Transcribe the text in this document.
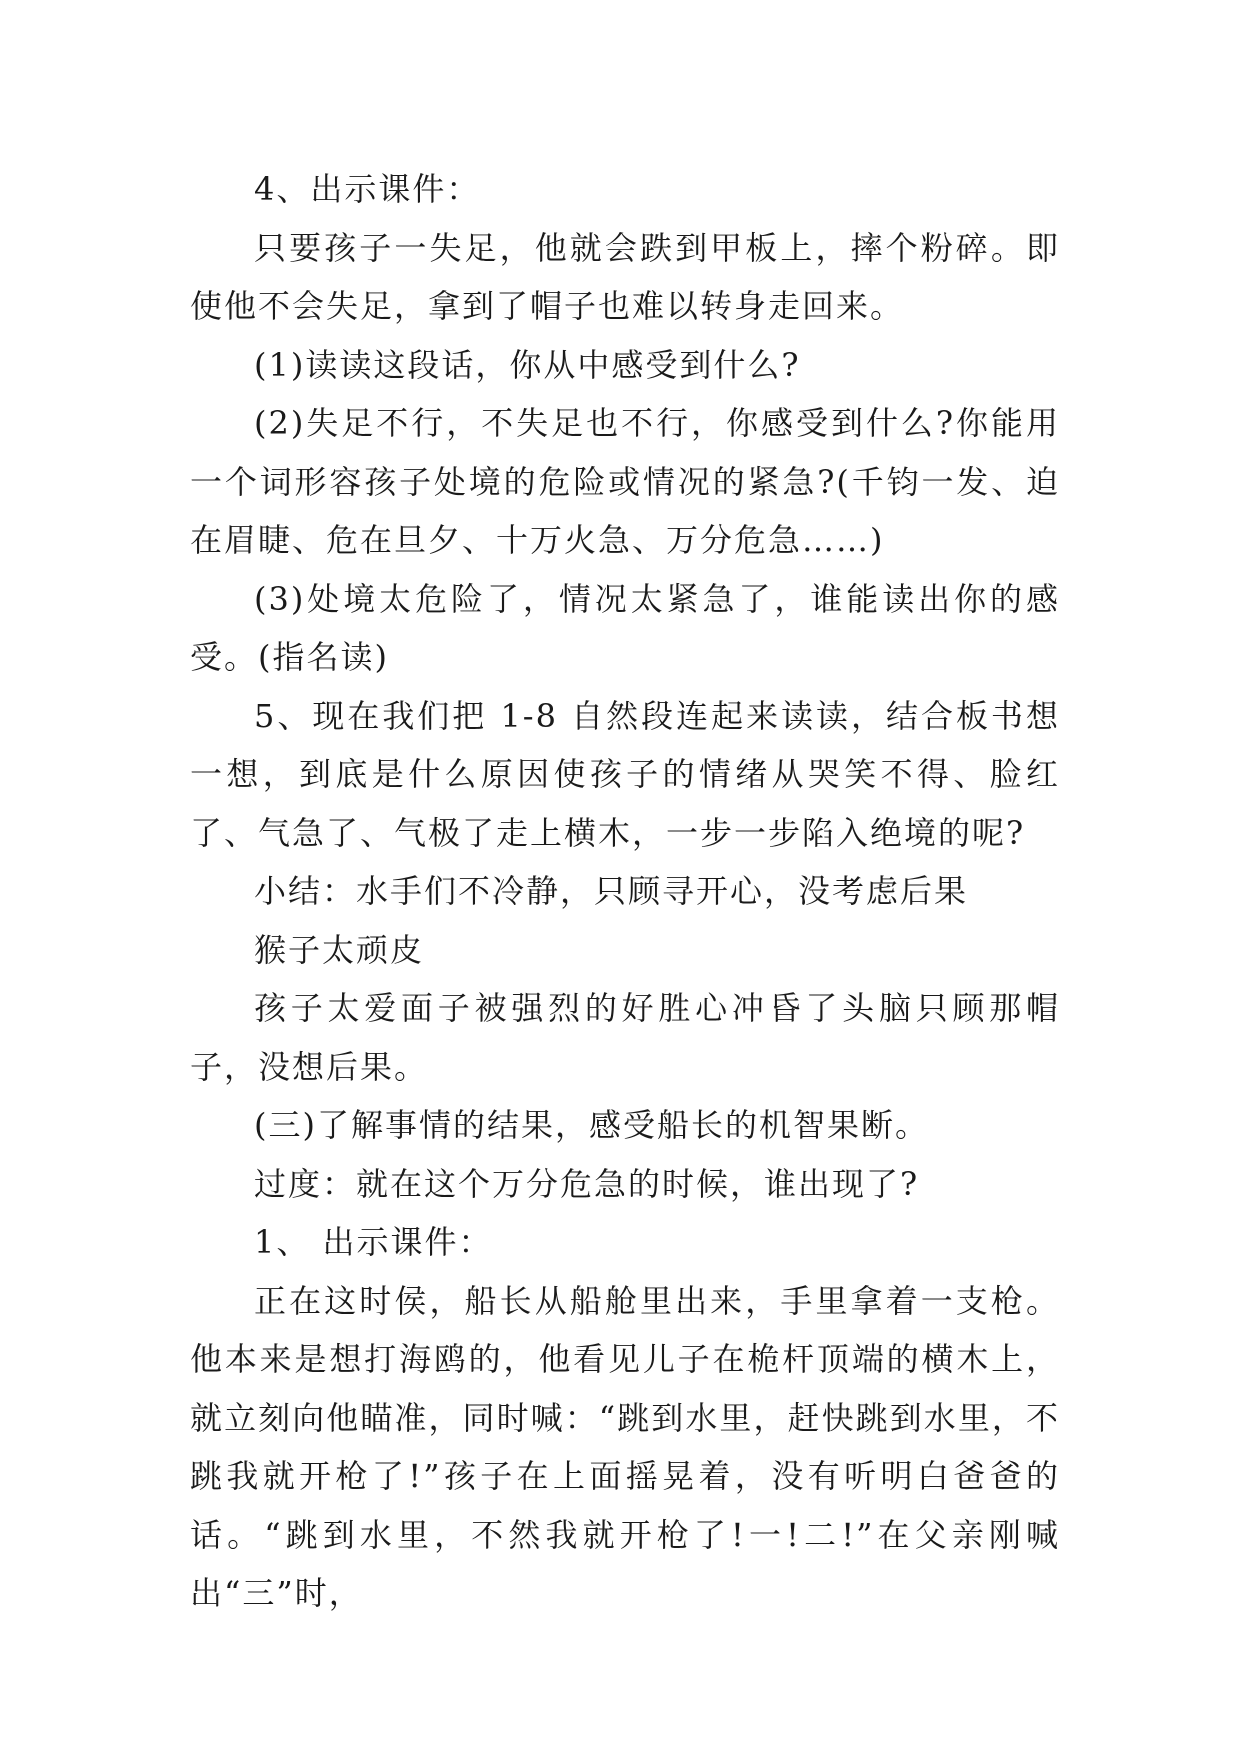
4、出示课件：

只要孩子一失足，他就会跌到甲板上，摔个粉碎。即使他不会失足，拿到了帽子也难以转身走回来。

(1)读读这段话，你从中感受到什么?

(2)失足不行，不失足也不行，你感受到什么?你能用一个词形容孩子处境的危险或情况的紧急?(千钧一发、迫在眉睫、危在旦夕、十万火急、万分危急……)

(3)处境太危险了，情况太紧急了，谁能读出你的感受。(指名读)

5、现在我们把 1-8 自然段连起来读读，结合板书想一想，到底是什么原因使孩子的情绪从哭笑不得、脸红了、气急了、气极了走上横木，一步一步陷入绝境的呢?

小结：水手们不冷静，只顾寻开心，没考虑后果

猴子太顽皮

孩子太爱面子被强烈的好胜心冲昏了头脑只顾那帽子，没想后果。

(三)了解事情的结果，感受船长的机智果断。

过度：就在这个万分危急的时候，谁出现了?

1、 出示课件：

正在这时侯，船长从船舱里出来，手里拿着一支枪。他本来是想打海鸥的，他看见儿子在桅杆顶端的横木上，就立刻向他瞄准，同时喊：“跳到水里，赶快跳到水里，不跳我就开枪了!”孩子在上面摇晃着，没有听明白爸爸的话。“跳到水里，不然我就开枪了!一!二!”在父亲刚喊出“三”时，
